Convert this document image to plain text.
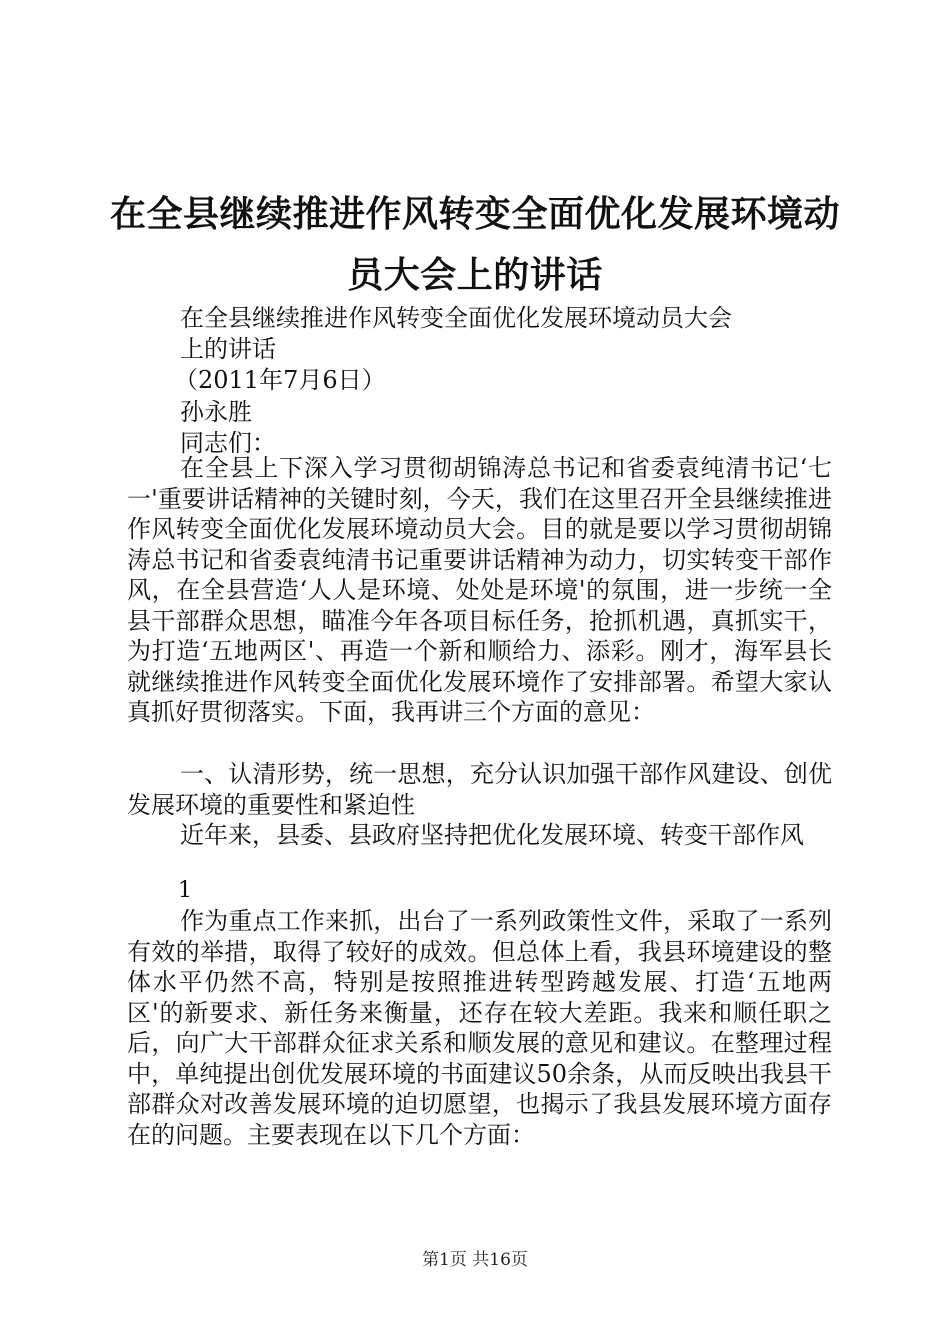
在全县继续推进作风转变全面优化发展环境动
员大会上的讲话
在全县继续推进作风转变全面优化发展环境动员大会
上的讲话
（2011年7月6日）
孙永胜
同志们：

在全县上下深入学习贯彻胡锦涛总书记和省委袁纯清书记‘七一'重要讲话精神的关键时刻，今天，我们在这里召开全县继续推进作风转变全面优化发展环境动员大会。目的就是要以学习贯彻胡锦涛总书记和省委袁纯清书记重要讲话精神为动力，切实转变干部作风，在全县营造‘人人是环境、处处是环境'的氛围，进一步统一全县干部群众思想，瞄准今年各项目标任务，抢抓机遇，真抓实干，为打造‘五地两区'、再造一个新和顺给力、添彩。刚才，海军县长就继续推进作风转变全面优化发展环境作了安排部署。希望大家认真抓好贯彻落实。下面，我再讲三个方面的意见：

一、认清形势，统一思想，充分认识加强干部作风建设、创优发展环境的重要性和紧迫性

近年来，县委、县政府坚持把优化发展环境、转变干部作风

1

作为重点工作来抓，出台了一系列政策性文件，采取了一系列有效的举措，取得了较好的成效。但总体上看，我县环境建设的整体水平仍然不高，特别是按照推进转型跨越发展、打造‘五地两区'的新要求、新任务来衡量，还存在较大差距。我来和顺任职之后，向广大干部群众征求关系和顺发展的意见和建议。在整理过程中，单纯提出创优发展环境的书面建议50余条，从而反映出我县干部群众对改善发展环境的迫切愿望，也揭示了我县发展环境方面存在的问题。主要表现在以下几个方面：

第1页 共16页
